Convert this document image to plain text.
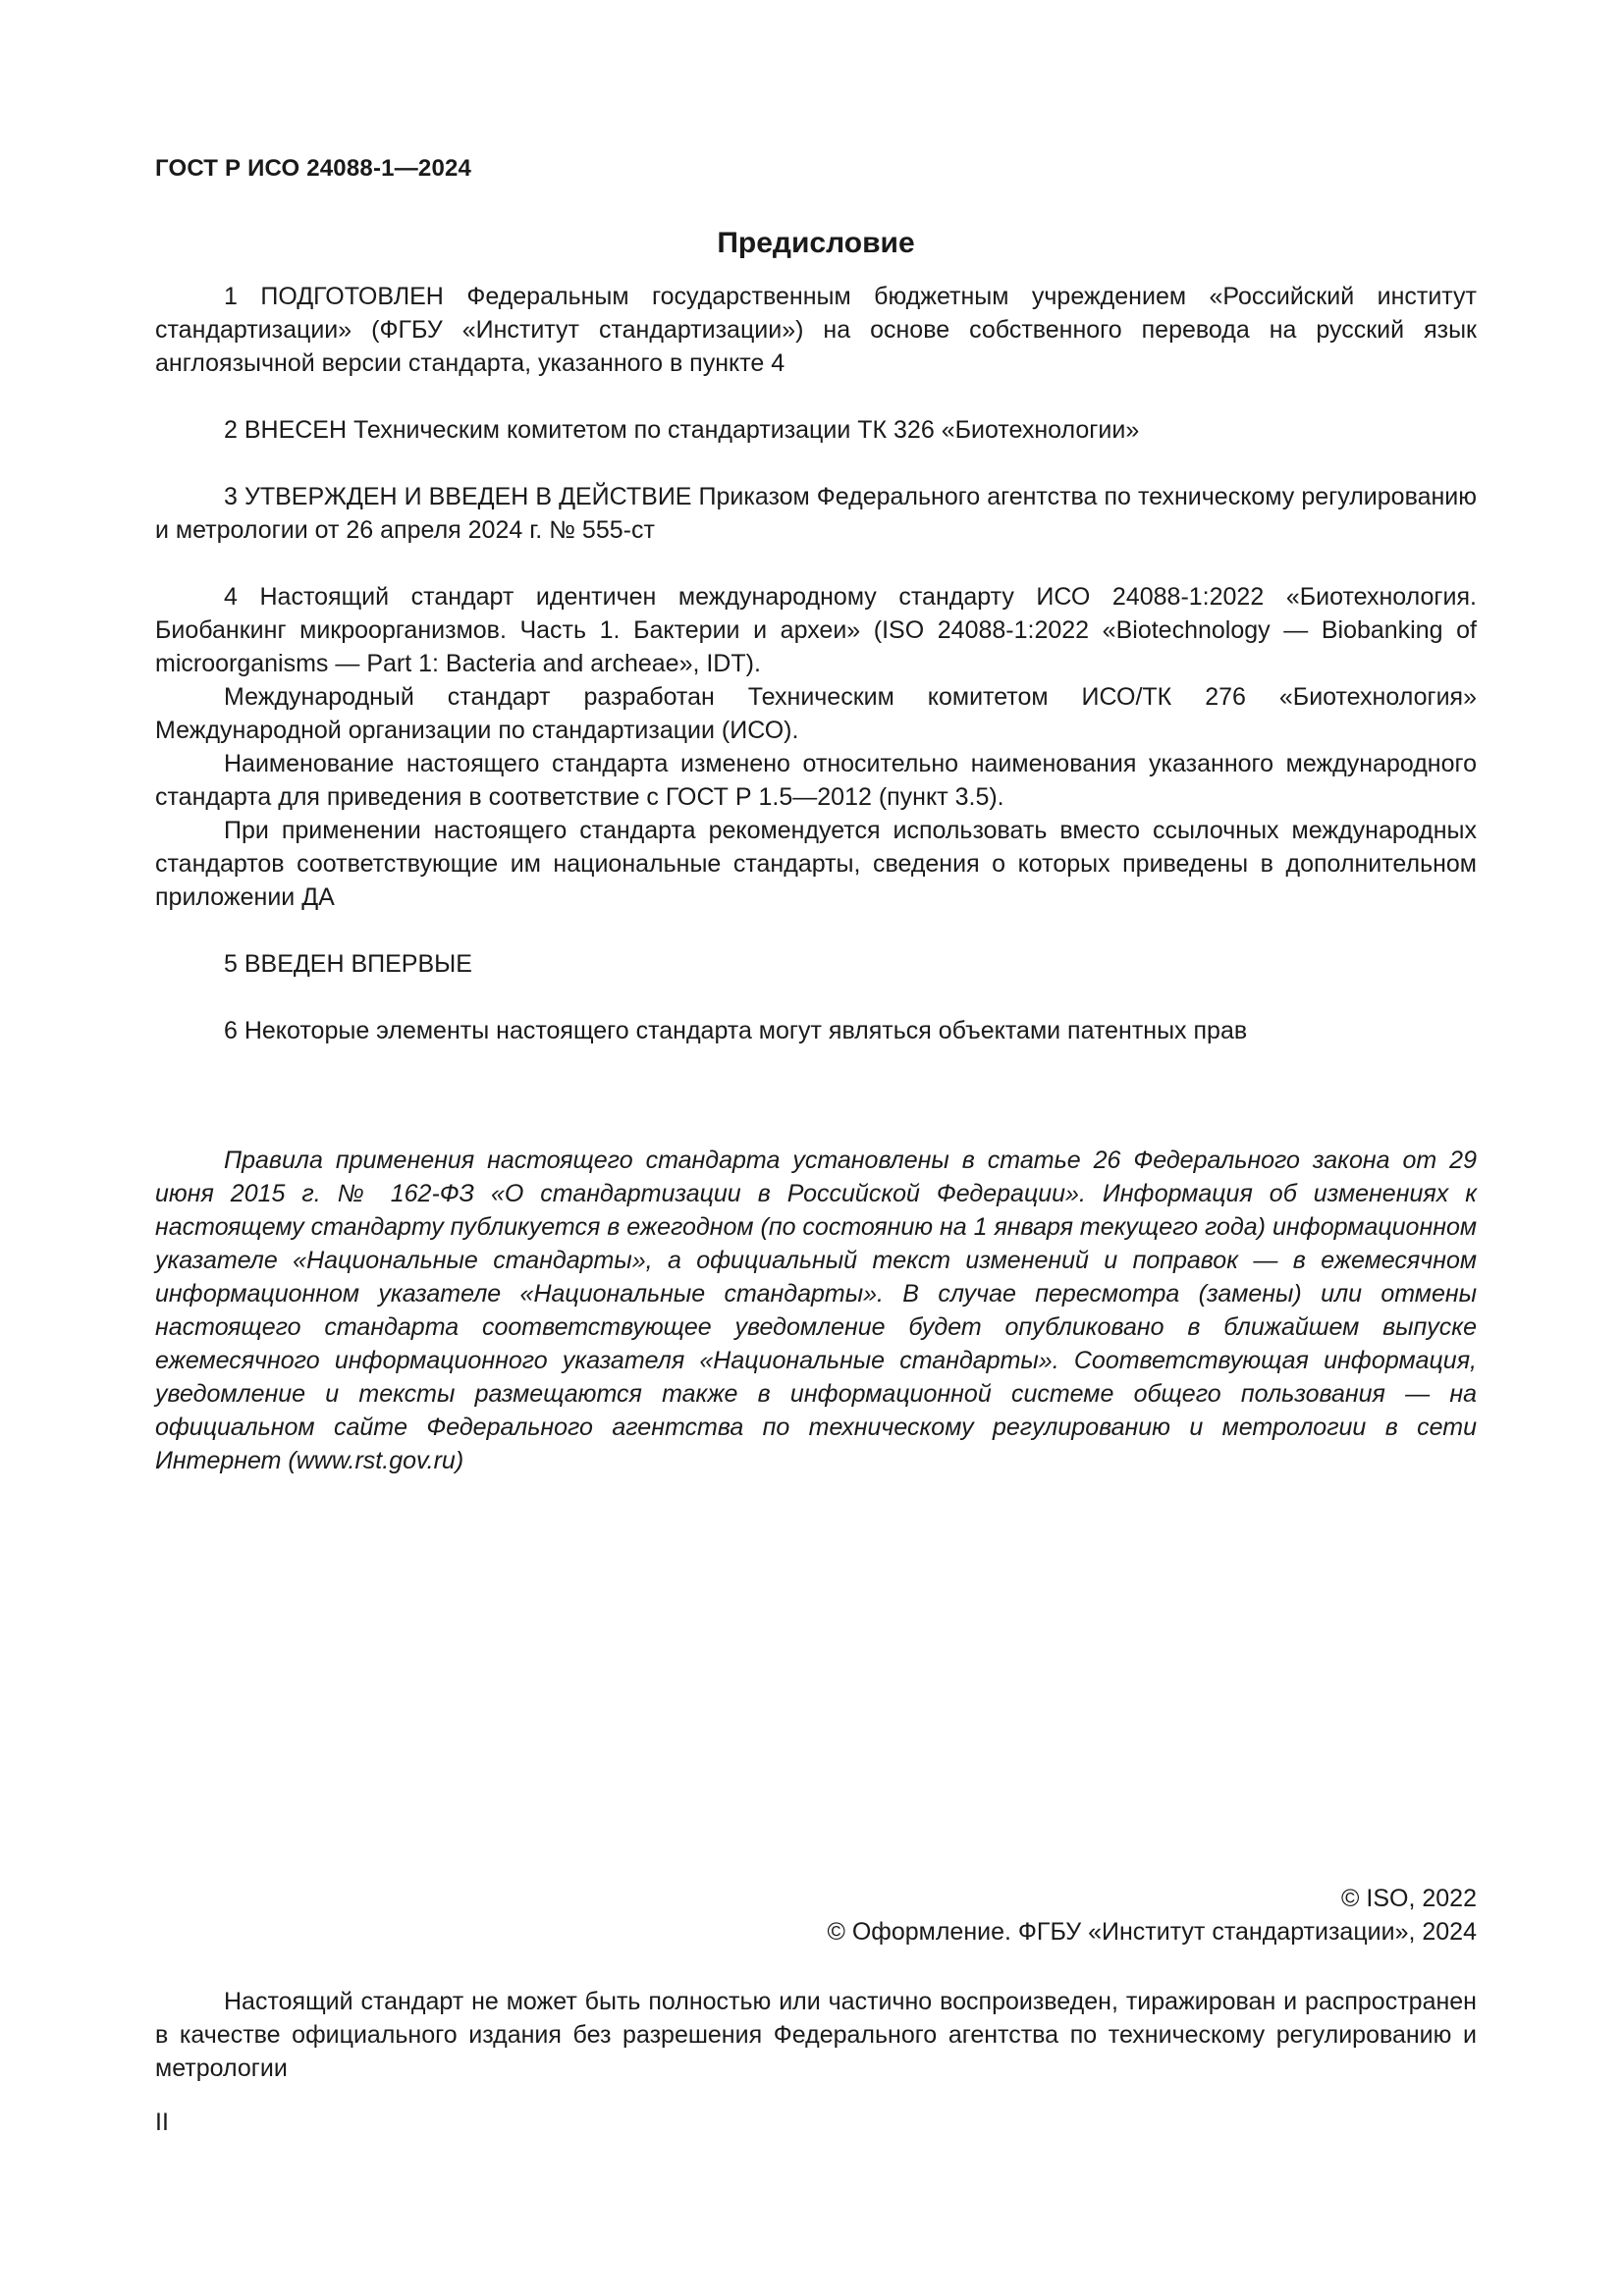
ГОСТ Р ИСО 24088-1—2024
Предисловие

1 ПОДГОТОВЛЕН Федеральным государственным бюджетным учреждением «Российский институт стандартизации» (ФГБУ «Институт стандартизации») на основе собственного перевода на русский язык англоязычной версии стандарта, указанного в пункте 4

2 ВНЕСЕН Техническим комитетом по стандартизации ТК 326 «Биотехнологии»

3 УТВЕРЖДЕН И ВВЕДЕН В ДЕЙСТВИЕ Приказом Федерального агентства по техническому регулированию и метрологии от 26 апреля 2024 г. № 555-ст

4 Настоящий стандарт идентичен международному стандарту ИСО 24088-1:2022 «Биотехнология. Биобанкинг микроорганизмов. Часть 1. Бактерии и археи» (ISO 24088-1:2022 «Biotechnology — Biobanking of microorganisms — Part 1: Bacteria and archeae», IDT).

Международный стандарт разработан Техническим комитетом ИСО/ТК 276 «Биотехнология» Международной организации по стандартизации (ИСО).

Наименование настоящего стандарта изменено относительно наименования указанного международного стандарта для приведения в соответствие с ГОСТ Р 1.5—2012 (пункт 3.5).

При применении настоящего стандарта рекомендуется использовать вместо ссылочных международных стандартов соответствующие им национальные стандарты, сведения о которых приведены в дополнительном приложении ДА

5 ВВЕДЕН ВПЕРВЫЕ

6 Некоторые элементы настоящего стандарта могут являться объектами патентных прав

Правила применения настоящего стандарта установлены в статье 26 Федерального закона от 29 июня 2015 г. № 162-ФЗ «О стандартизации в Российской Федерации». Информация об изменениях к настоящему стандарту публикуется в ежегодном (по состоянию на 1 января текущего года) информационном указателе «Национальные стандарты», а официальный текст изменений и поправок — в ежемесячном информационном указателе «Национальные стандарты». В случае пересмотра (замены) или отмены настоящего стандарта соответствующее уведомление будет опубликовано в ближайшем выпуске ежемесячного информационного указателя «Национальные стандарты». Соответствующая информация, уведомление и тексты размещаются также в информационной системе общего пользования — на официальном сайте Федерального агентства по техническому регулированию и метрологии в сети Интернет (www.rst.gov.ru)

© ISO, 2022
© Оформление. ФГБУ «Институт стандартизации», 2024

Настоящий стандарт не может быть полностью или частично воспроизведен, тиражирован и распространен в качестве официального издания без разрешения Федерального агентства по техническому регулированию и метрологии

II
